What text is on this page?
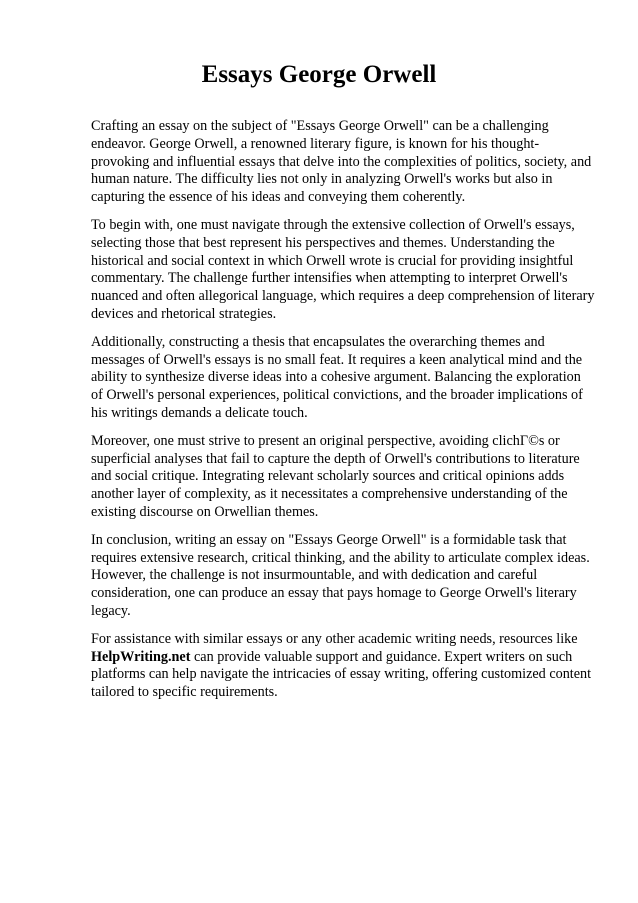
Essays George Orwell

Crafting an essay on the subject of "Essays George Orwell" can be a challenging endeavor. George Orwell, a renowned literary figure, is known for his thought-provoking and influential essays that delve into the complexities of politics, society, and human nature. The difficulty lies not only in analyzing Orwell's works but also in capturing the essence of his ideas and conveying them coherently.

To begin with, one must navigate through the extensive collection of Orwell's essays, selecting those that best represent his perspectives and themes. Understanding the historical and social context in which Orwell wrote is crucial for providing insightful commentary. The challenge further intensifies when attempting to interpret Orwell's nuanced and often allegorical language, which requires a deep comprehension of literary devices and rhetorical strategies.

Additionally, constructing a thesis that encapsulates the overarching themes and messages of Orwell's essays is no small feat. It requires a keen analytical mind and the ability to synthesize diverse ideas into a cohesive argument. Balancing the exploration of Orwell's personal experiences, political convictions, and the broader implications of his writings demands a delicate touch.

Moreover, one must strive to present an original perspective, avoiding clichГ©s or superficial analyses that fail to capture the depth of Orwell's contributions to literature and social critique. Integrating relevant scholarly sources and critical opinions adds another layer of complexity, as it necessitates a comprehensive understanding of the existing discourse on Orwellian themes.

In conclusion, writing an essay on "Essays George Orwell" is a formidable task that requires extensive research, critical thinking, and the ability to articulate complex ideas. However, the challenge is not insurmountable, and with dedication and careful consideration, one can produce an essay that pays homage to George Orwell's literary legacy.

For assistance with similar essays or any other academic writing needs, resources like HelpWriting.net can provide valuable support and guidance. Expert writers on such platforms can help navigate the intricacies of essay writing, offering customized content tailored to specific requirements.
